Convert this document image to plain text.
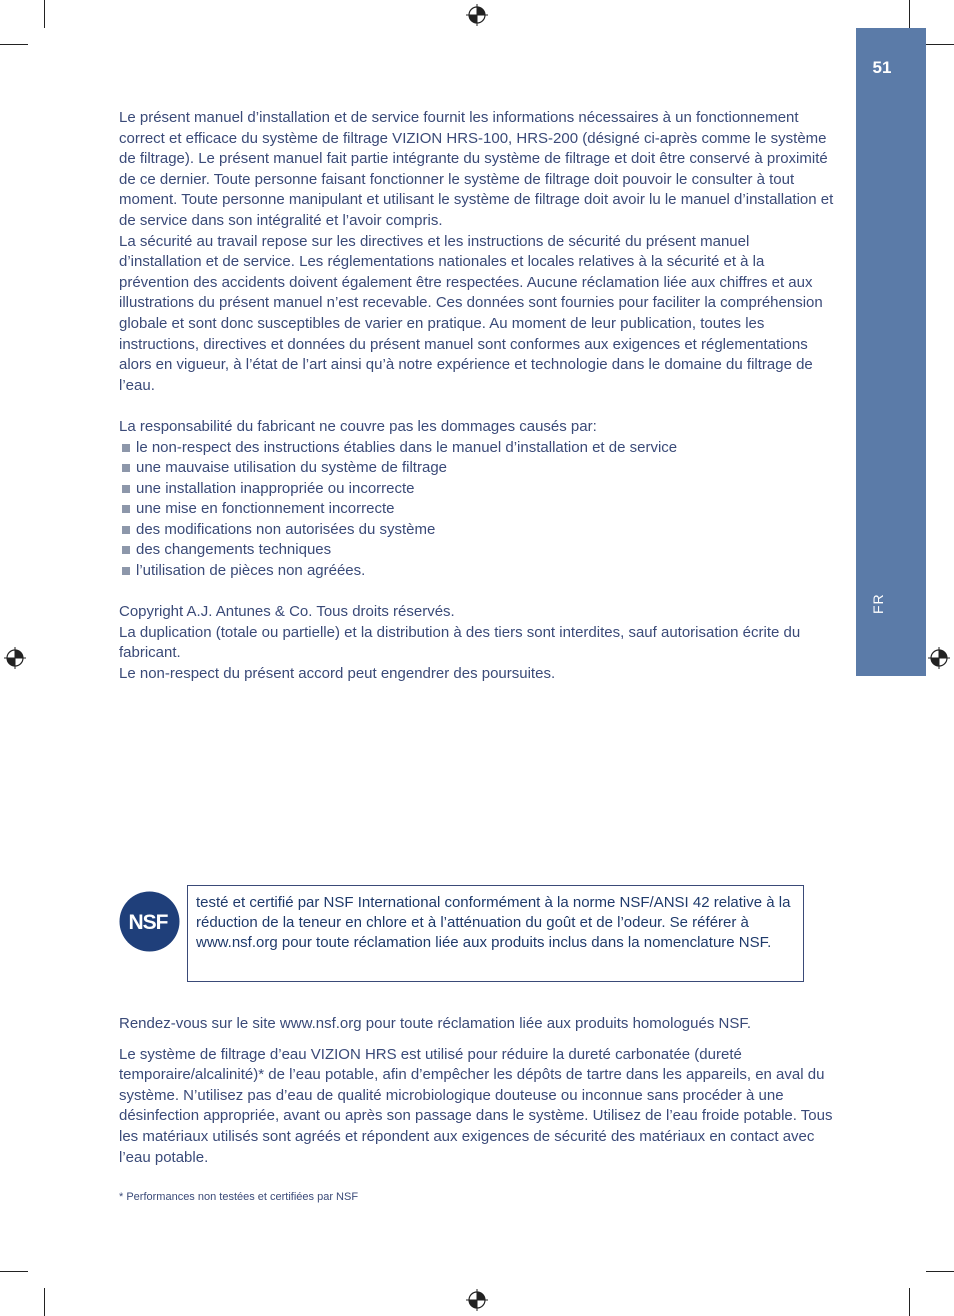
51
FR

Le présent manuel d’installation et de service fournit les informations nécessaires à un fonctionnement correct et efficace du système de filtrage VIZION HRS-100, HRS-200 (désigné ci-après comme le système de filtrage). Le présent manuel fait partie intégrante du système de filtrage et doit être conservé à proximité de ce dernier. Toute personne faisant fonctionner le système de filtrage doit pouvoir le consulter à tout moment. Toute personne manipulant et utilisant le système de filtrage doit avoir lu le manuel d’installation et de service dans son intégralité et l’avoir compris.

La sécurité au travail repose sur les directives et les instructions de sécurité du présent manuel d’installation et de service. Les réglementations nationales et locales relatives à la sécurité et à la prévention des accidents doivent également être respectées. Aucune réclamation liée aux chiffres et aux illustrations du présent manuel n’est recevable. Ces données sont fournies pour faciliter la compréhension globale et sont donc susceptibles de varier en pratique. Au moment de leur publication, toutes les instructions, directives et données du présent manuel sont conformes aux exigences et réglementations alors en vigueur, à l’état de l’art ainsi qu’à notre expérience et technologie dans le domaine du filtrage de l’eau.

La responsabilité du fabricant ne couvre pas les dommages causés par:

le non-respect des instructions établies dans le manuel d’installation et de service
une mauvaise utilisation du système de filtrage
une installation inappropriée ou incorrecte
une mise en fonctionnement incorrecte
des modifications non autorisées du système
des changements techniques
l’utilisation de pièces non agréées.

Copyright A.J. Antunes & Co. Tous droits réservés.

La duplication (totale ou partielle) et la distribution à des tiers sont interdites, sauf autorisation écrite du fabricant.

Le non-respect du présent accord peut engendrer des poursuites.

NSF
testé et certifié par NSF International conformément à la norme NSF/ANSI 42 relative à la réduction de la teneur en chlore et à l’atténuation du goût et de l’odeur. Se référer à www.nsf.org pour toute réclamation liée aux produits inclus dans la nomenclature NSF.

Rendez-vous sur le site www.nsf.org pour toute réclamation liée aux produits homologués NSF.

Le système de filtrage d’eau VIZION HRS est utilisé pour réduire la dureté carbonatée (dureté temporaire/alcalinité)* de l’eau potable, afin d’empêcher les dépôts de tartre dans les appareils, en aval du système. N’utilisez pas d’eau de qualité microbiologique douteuse ou inconnue sans procéder à une désinfection appropriée, avant ou après son passage dans le système. Utilisez de l’eau froide potable. Tous les matériaux utilisés sont agréés et répondent aux exigences de sécurité des matériaux en contact avec l’eau potable.

* Performances non testées et certifiées par NSF
